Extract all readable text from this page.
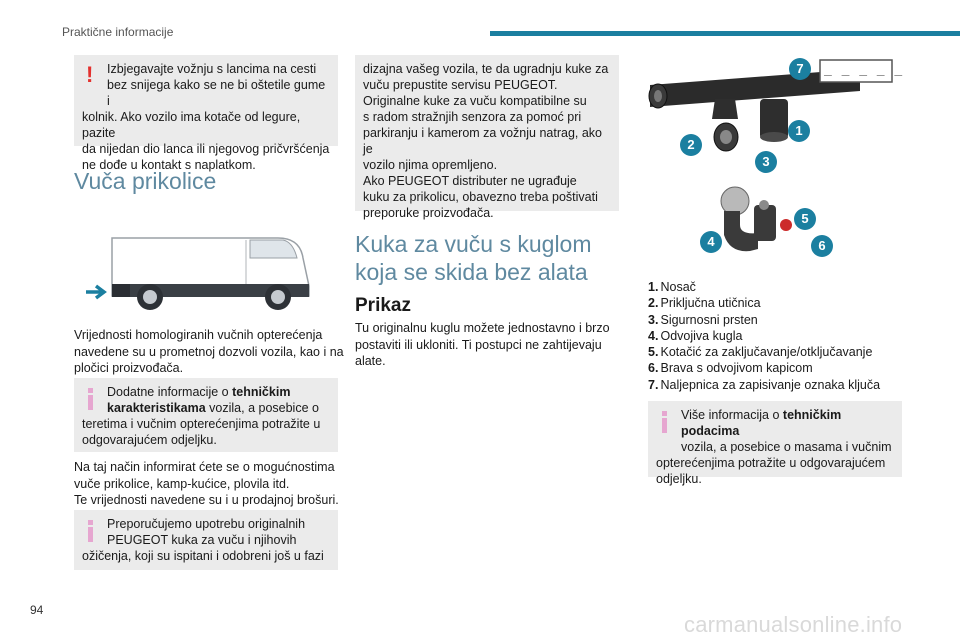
Praktične informacije
!	Izbjegavajte vožnju s lancima na cesti
bez snijega kako se ne bi oštetile gume i
kolnik. Ako vozilo ima kotače od legure, pazite
da nijedan dio lanca ili njegovog pričvršćenja
ne dođe u kontakt s naplatkom.
Vuča prikolice
Vrijednosti homologiranih vučnih opterećenja
navedene su u prometnoj dozvoli vozila, kao i na
pločici proizvođača.
Dodatne informacije o tehničkim
karakteristikama vozila, a posebice o
teretima i vučnim opterećenjima potražite u
odgovarajućem odjeljku.
Na taj način informirat ćete se o mogućnostima
vuče prikolice, kamp-kućice, plovila itd.
Te vrijednosti navedene su i u prodajnoj brošuri.
Preporučujemo upotrebu originalnih
PEUGEOT kuka za vuču i njihovih
ožičenja, koji su ispitani i odobreni još u fazi
dizajna vašeg vozila, te da ugradnju kuke za
vuču prepustite servisu PEUGEOT.
Originalne kuke za vuču kompatibilne su
s radom stražnjih senzora za pomoć pri
parkiranju i kamerom za vožnju natrag, ako je
vozilo njima opremljeno.
Ako PEUGEOT distributer ne ugrađuje
kuku za prikolicu, obavezno treba poštivati
preporuke proizvođača.
Kuka za vuču s kuglom
koja se skida bez alata
Prikaz
Tu originalnu kuglu možete jednostavno i brzo
postaviti ili ukloniti. Ti postupci ne zahtijevaju
alate.
_ _ _ _ _
7
1
2
3
5
4	6
1. Nosač
2. Priključna utičnica
3. Sigurnosni prsten
4. Odvojiva kugla
5. Kotačić za zaključavanje/otključavanje
6. Brava s odvojivom kapicom
7. Naljepnica za zapisivanje oznaka ključa
Više informacija o tehničkim podacima
vozila, a posebice o masama i vučnim
opterećenjima potražite u odgovarajućem
odjeljku.
94
carmanualsonline.info
